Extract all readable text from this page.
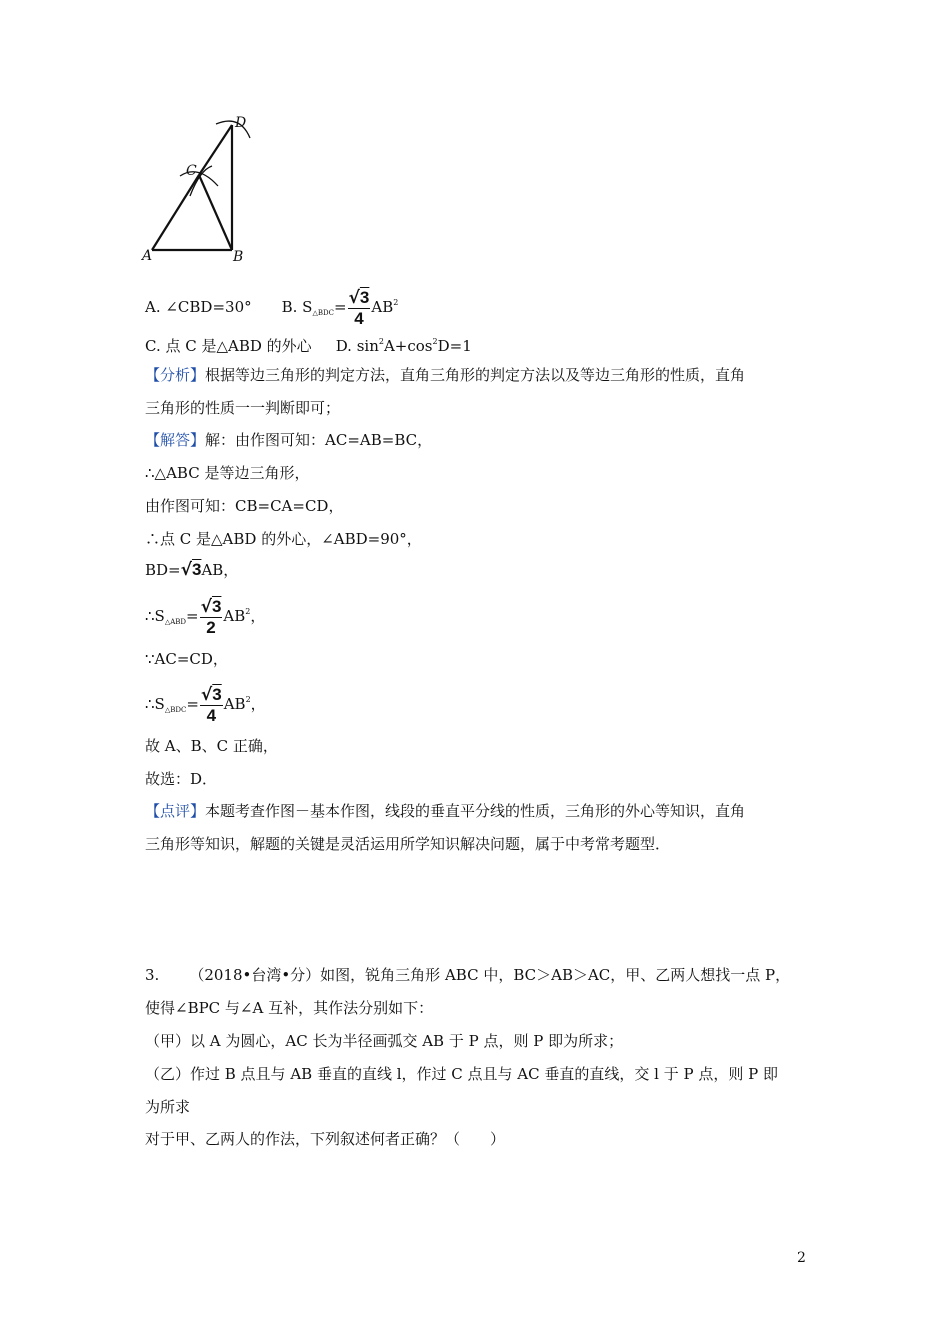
A	B
C
D
A. ∠CBD=30° B. $S_{\triangle BDC}= \frac{√3}{4} AB^2$
C. 点 C 是△ABD 的外心 D. $\sin^2A+\cos^2D=1$
【分析】根据等边三角形的判定方法，直角三角形的判定方法以及等边三角形的性质，直角
三角形的性质一一判断即可；
【解答】解：由作图可知：AC=AB=BC，
∴△ABC 是等边三角形，
由作图可知：CB=CA=CD，
∴点 C 是△ABD 的外心，∠ABD=90°，
BD=√3AB，
$\therefore S_{\triangle ABD}= \frac{√3}{2} AB^2$，
∵AC=CD，
$\therefore S_{\triangle BDC}= \frac{√3}{4} AB^2$，
故 A、B、C 正确，
故选：D．
【点评】本题考查作图－基本作图，线段的垂直平分线的性质，三角形的外心等知识，直角
三角形等知识，解题的关键是灵活运用所学知识解决问题，属于中考常考题型．
3. （2018•台湾•分）如图，锐角三角形 ABC 中，BC＞AB＞AC，甲、乙两人想找一点 P，
使得∠BPC 与∠A 互补，其作法分别如下：
（甲）以 A 为圆心，AC 长为半径画弧交 AB 于 P 点，则 P 即为所求；
（乙）作过 B 点且与 AB 垂直的直线 l，作过 C 点且与 AC 垂直的直线，交 l 于 P 点，则 P 即
为所求
对于甲、乙两人的作法，下列叙述何者正确？（　　）
2
